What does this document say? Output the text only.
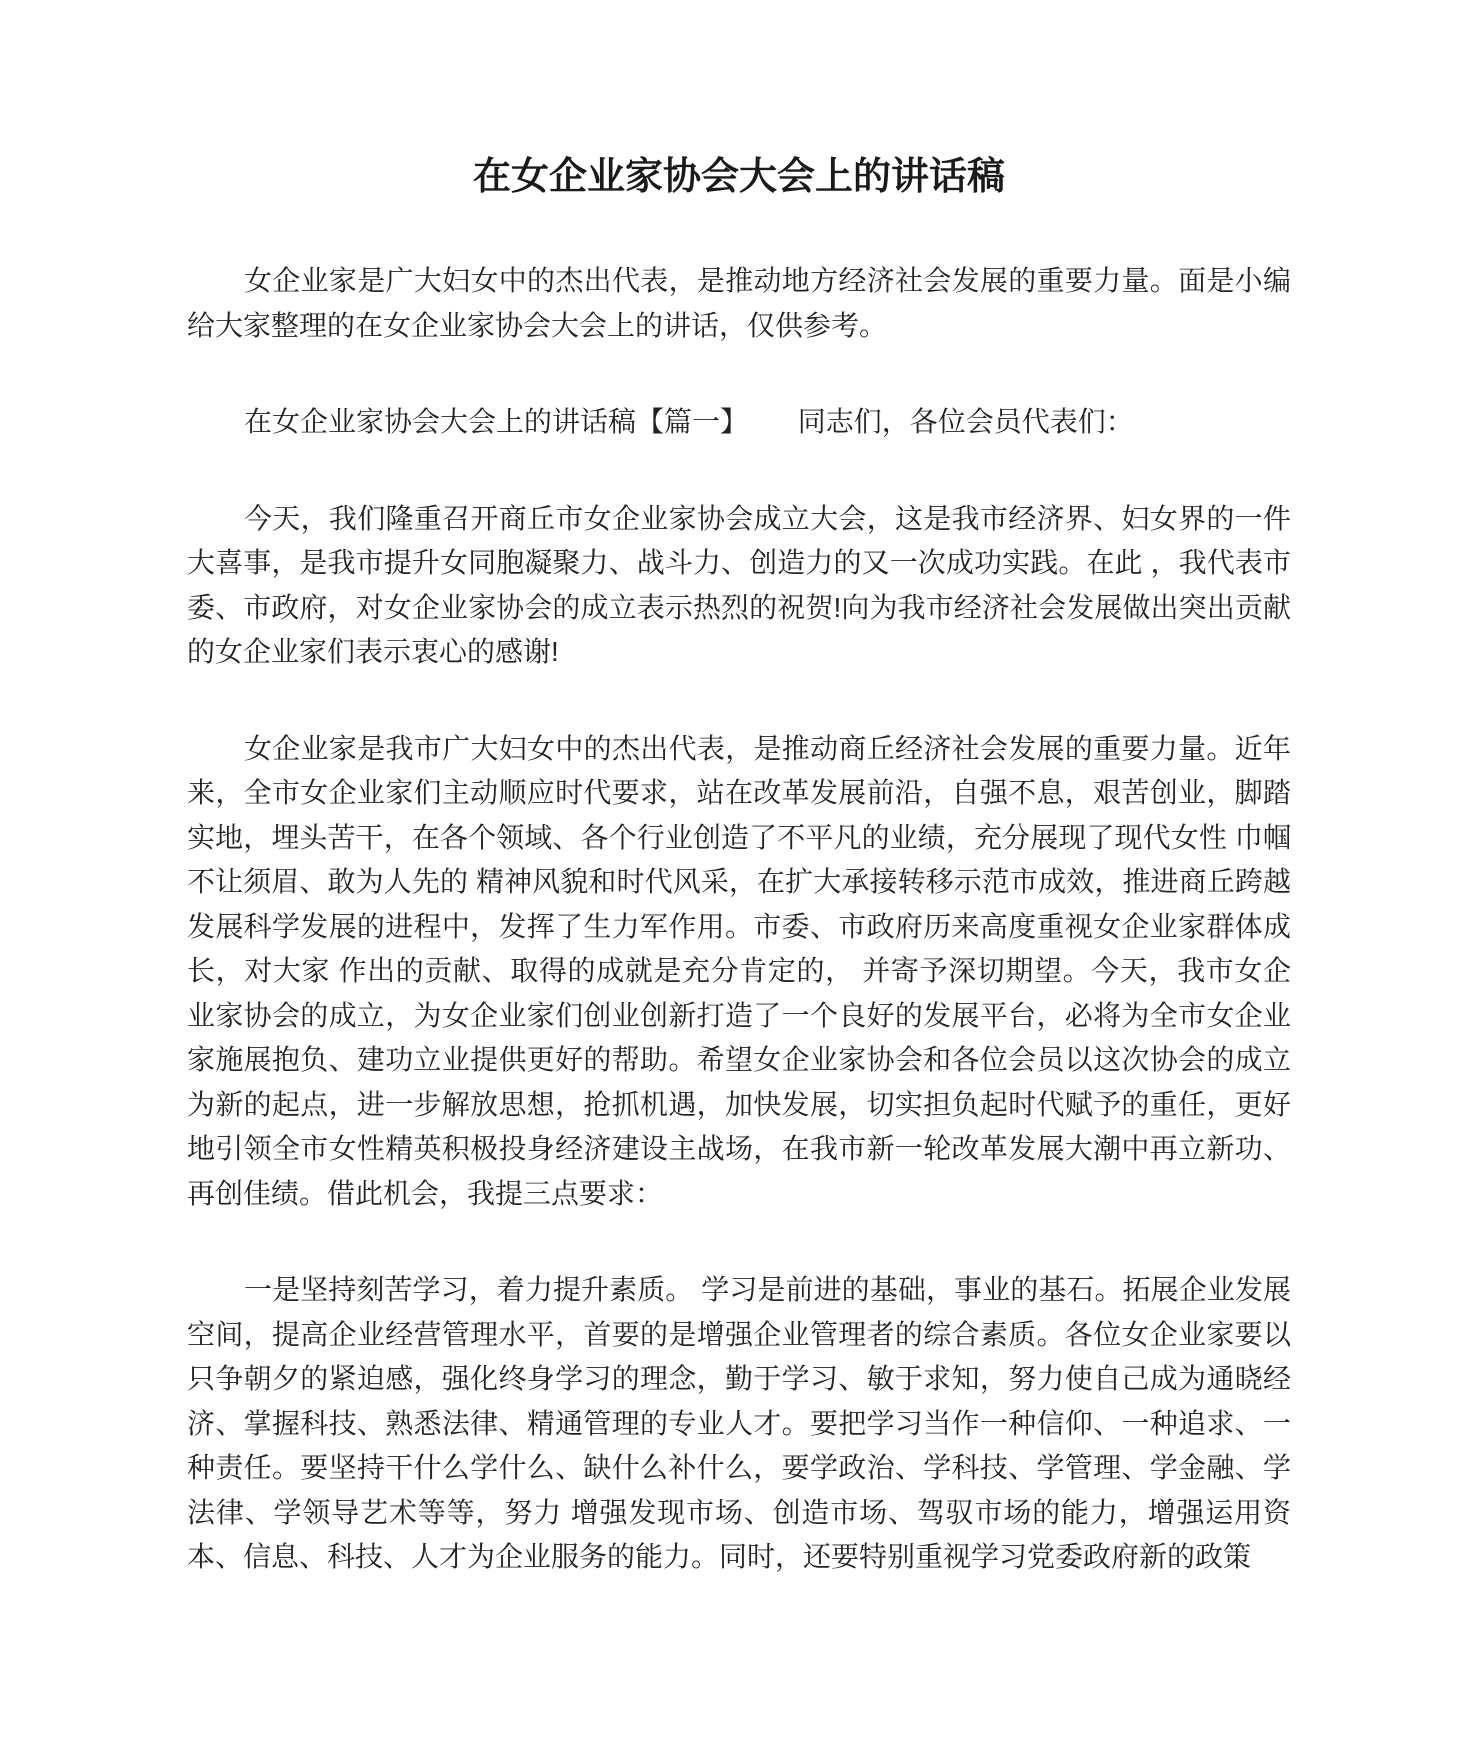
在女企业家协会大会上的讲话稿

女企业家是广大妇女中的杰出代表，是推动地方经济社会发展的重要力量。面是小编给大家整理的在女企业家协会大会上的讲话，仅供参考。

在女企业家协会大会上的讲话稿【篇一】　　 同志们，各位会员代表们：

今天，我们隆重召开商丘市女企业家协会成立大会，这是我市经济界、妇女界的一件大喜事，是我市提升女同胞凝聚力、战斗力、创造力的又一次成功实践。在此 ，我代表市委、市政府，对女企业家协会的成立表示热烈的祝贺!向为我市经济社会发展做出突出贡献的女企业家们表示衷心的感谢!

女企业家是我市广大妇女中的杰出代表，是推动商丘经济社会发展的重要力量。近年来，全市女企业家们主动顺应时代要求，站在改革发展前沿，自强不息，艰苦创业，脚踏实地，埋头苦干，在各个领域、各个行业创造了不平凡的业绩，充分展现了现代女性 巾帼不让须眉、敢为人先的 精神风貌和时代风采，在扩大承接转移示范市成效，推进商丘跨越发展科学发展的进程中，发挥了生力军作用。市委、市政府历来高度重视女企业家群体成长，对大家 作出的贡献、取得的成就是充分肯定的， 并寄予深切期望。今天，我市女企业家协会的成立，为女企业家们创业创新打造了一个良好的发展平台，必将为全市女企业家施展抱负、建功立业提供更好的帮助。希望女企业家协会和各位会员以这次协会的成立为新的起点，进一步解放思想，抢抓机遇，加快发展，切实担负起时代赋予的重任，更好地引领全市女性精英积极投身经济建设主战场，在我市新一轮改革发展大潮中再立新功、再创佳绩。借此机会，我提三点要求：

一是坚持刻苦学习，着力提升素质。 学习是前进的基础，事业的基石。拓展企业发展空间，提高企业经营管理水平，首要的是增强企业管理者的综合素质。各位女企业家要以只争朝夕的紧迫感，强化终身学习的理念，勤于学习、敏于求知，努力使自己成为通晓经济、掌握科技、熟悉法律、精通管理的专业人才。要把学习当作一种信仰、一种追求、一种责任。要坚持干什么学什么、缺什么补什么，要学政治、学科技、学管理、学金融、学法律、学领导艺术等等，努力 增强发现市场、创造市场、驾驭市场的能力，增强运用资本、信息、科技、人才为企业服务的能力。同时，还要特别重视学习党委政府新的政策
